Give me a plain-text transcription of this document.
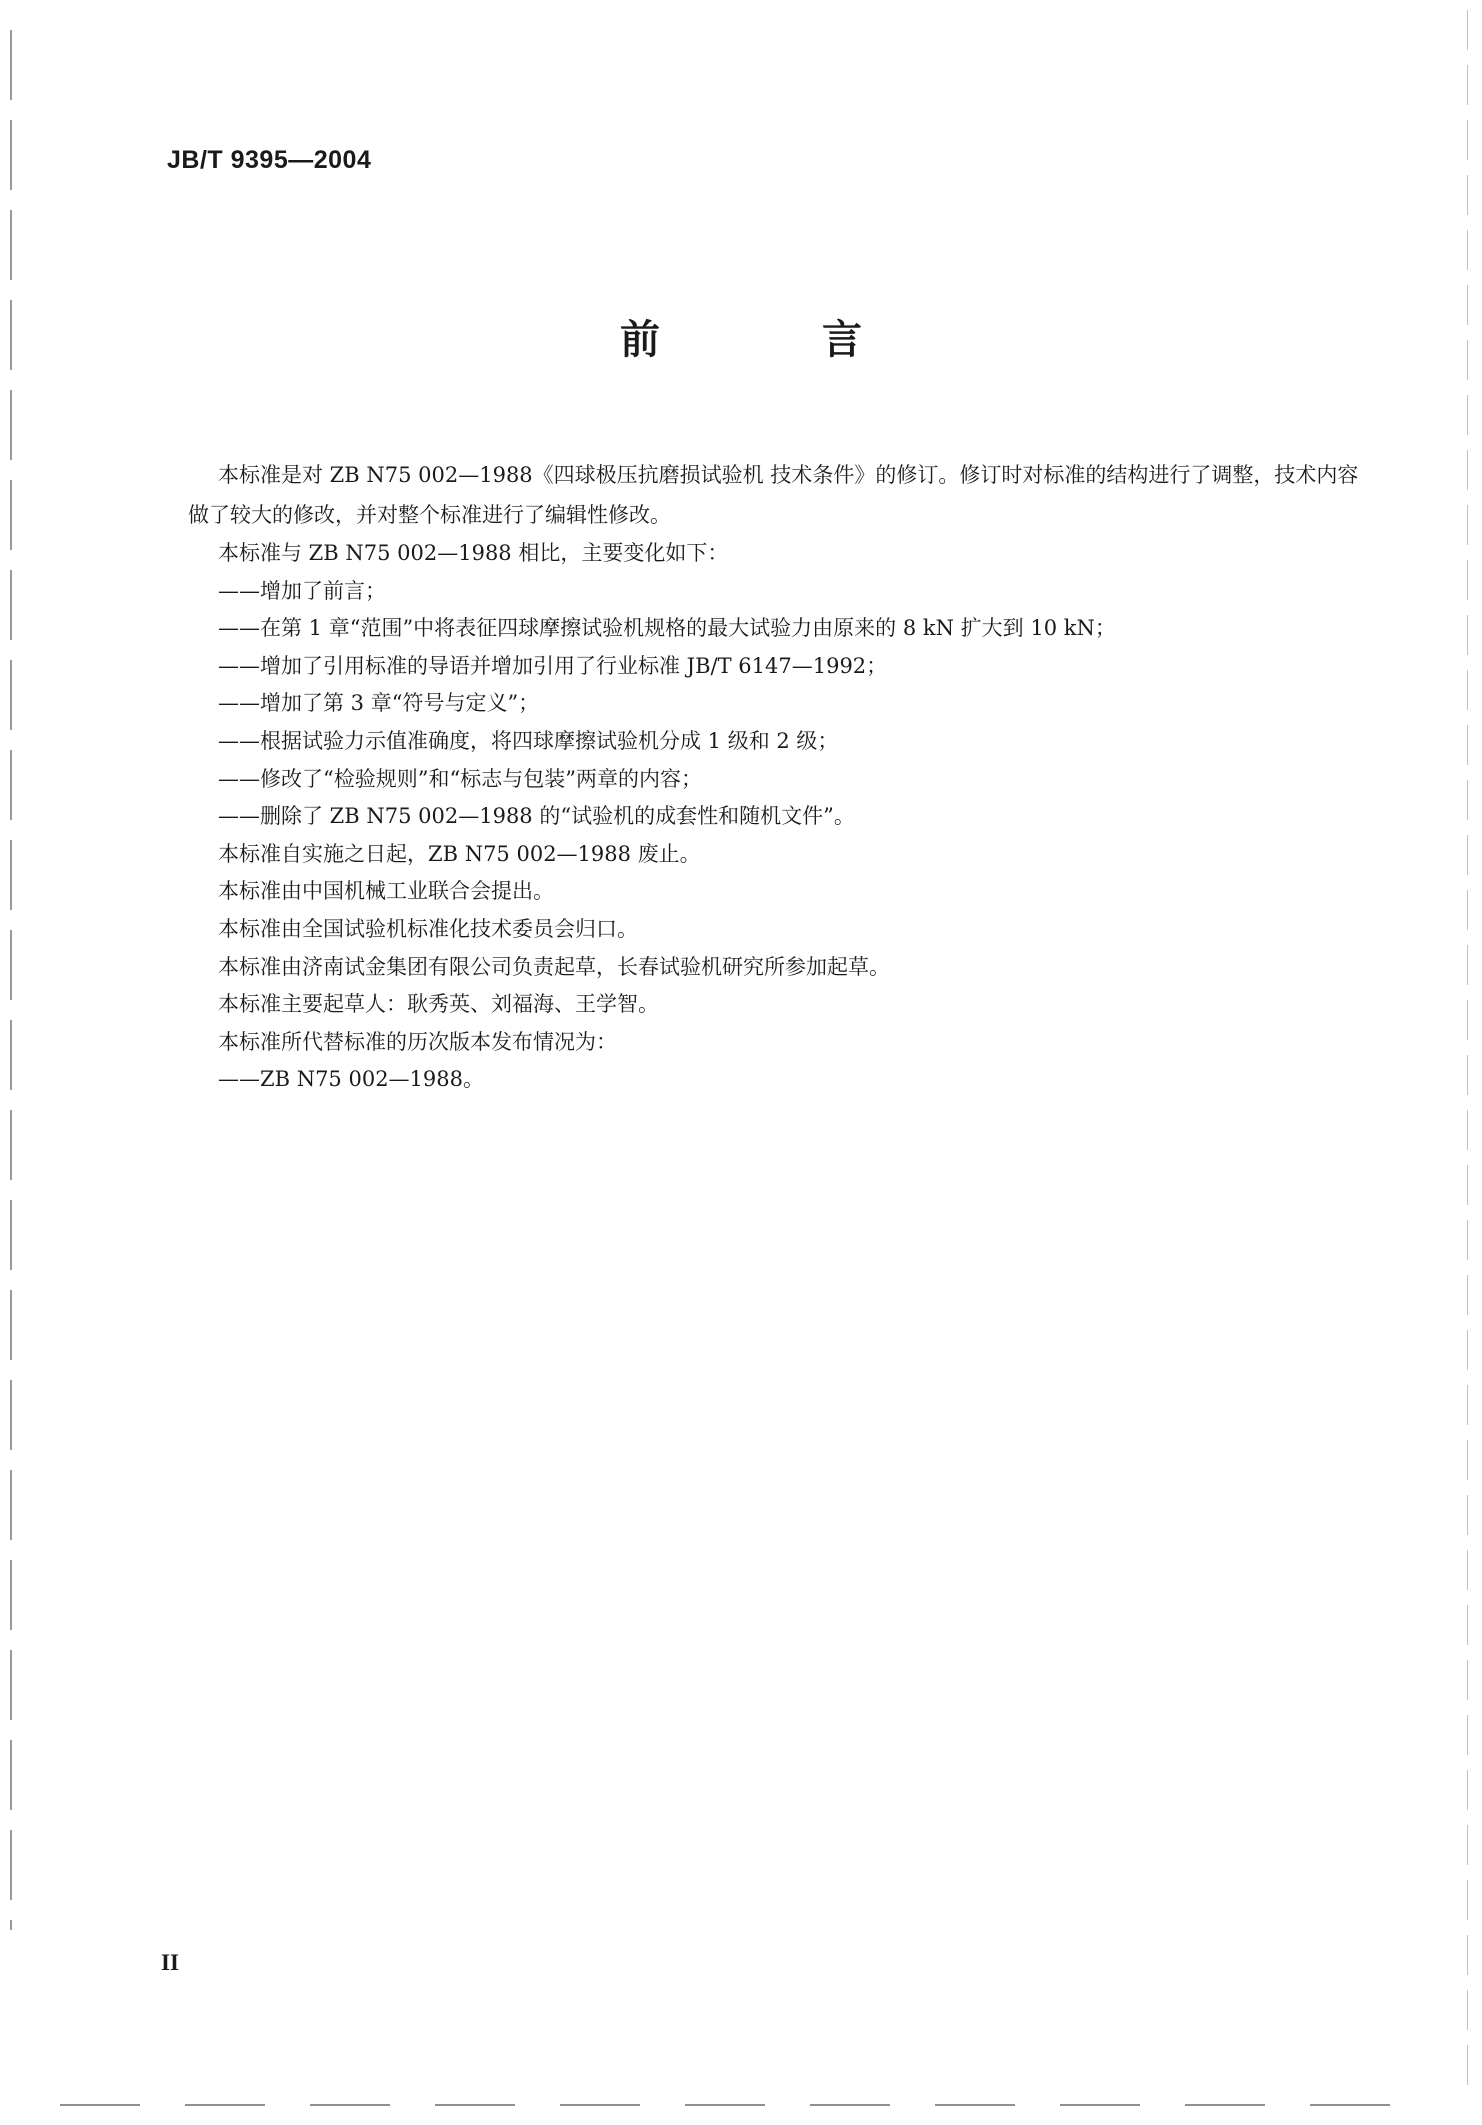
JB/T 9395—2004
前 言

本标准是对 ZB N75 002—1988《四球极压抗磨损试验机 技术条件》的修订。修订时对标准的结构进行了调整，技术内容做了较大的修改，并对整个标准进行了编辑性修改。

本标准与 ZB N75 002—1988 相比，主要变化如下：

——增加了前言；

——在第 1 章“范围”中将表征四球摩擦试验机规格的最大试验力由原来的 8 kN 扩大到 10 kN；

——增加了引用标准的导语并增加引用了行业标准 JB/T 6147—1992；

——增加了第 3 章“符号与定义”；

——根据试验力示值准确度，将四球摩擦试验机分成 1 级和 2 级；

——修改了“检验规则”和“标志与包装”两章的内容；

——删除了 ZB N75 002—1988 的“试验机的成套性和随机文件”。

本标准自实施之日起，ZB N75 002—1988 废止。

本标准由中国机械工业联合会提出。

本标准由全国试验机标准化技术委员会归口。

本标准由济南试金集团有限公司负责起草，长春试验机研究所参加起草。

本标准主要起草人：耿秀英、刘福海、王学智。

本标准所代替标准的历次版本发布情况为：

——ZB N75 002—1988。

II
